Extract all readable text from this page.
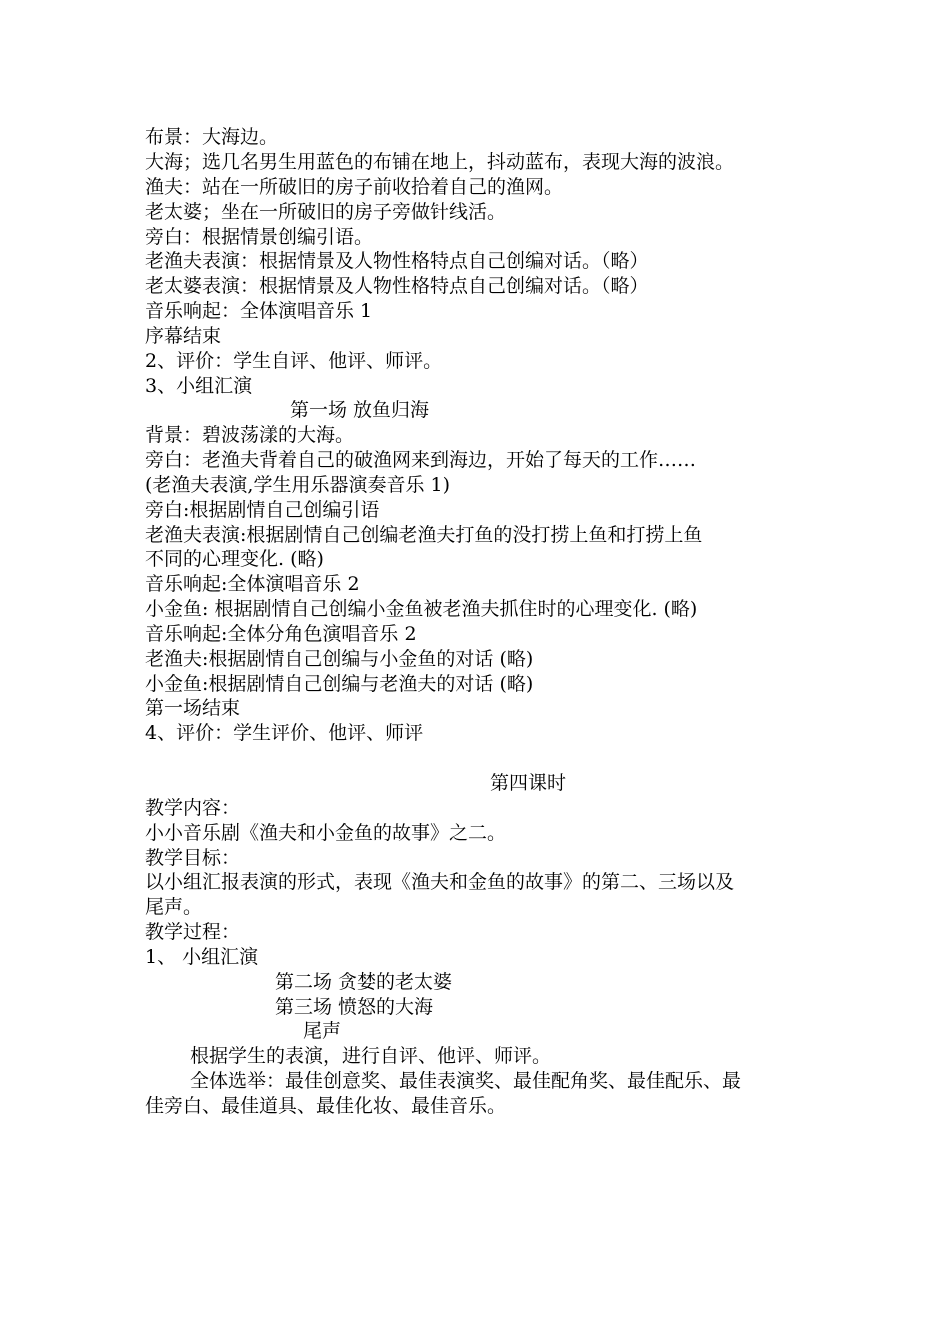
布景：大海边。
大海；选几名男生用蓝色的布铺在地上，抖动蓝布，表现大海的波浪。
渔夫：站在一所破旧的房子前收拾着自己的渔网。
老太婆；坐在一所破旧的房子旁做针线活。
旁白：根据情景创编引语。
老渔夫表演：根据情景及人物性格特点自己创编对话。（略）
老太婆表演：根据情景及人物性格特点自己创编对话。（略）
音乐响起：全体演唱音乐 1
序幕结束
2、评价：学生自评、他评、师评。
3、小组汇演
第一场 放鱼归海
背景：碧波荡漾的大海。
旁白：老渔夫背着自己的破渔网来到海边，开始了每天的工作……
(老渔夫表演,学生用乐器演奏音乐 1)
旁白:根据剧情自己创编引语
老渔夫表演:根据剧情自己创编老渔夫打鱼的没打捞上鱼和打捞上鱼
不同的心理变化. (略)
音乐响起:全体演唱音乐 2
小金鱼: 根据剧情自己创编小金鱼被老渔夫抓住时的心理变化. (略)
音乐响起:全体分角色演唱音乐 2
老渔夫:根据剧情自己创编与小金鱼的对话 (略)
小金鱼:根据剧情自己创编与老渔夫的对话 (略)
第一场结束
4、评价：学生评价、他评、师评
第四课时
教学内容：
小小音乐剧《渔夫和小金鱼的故事》之二。
教学目标：
以小组汇报表演的形式，表现《渔夫和金鱼的故事》的第二、三场以及
尾声。
教学过程：
1、 小组汇演
第二场 贪婪的老太婆
第三场 愤怒的大海
尾声
根据学生的表演，进行自评、他评、师评。
全体选举：最佳创意奖、最佳表演奖、最佳配角奖、最佳配乐、最
佳旁白、最佳道具、最佳化妆、最佳音乐。
